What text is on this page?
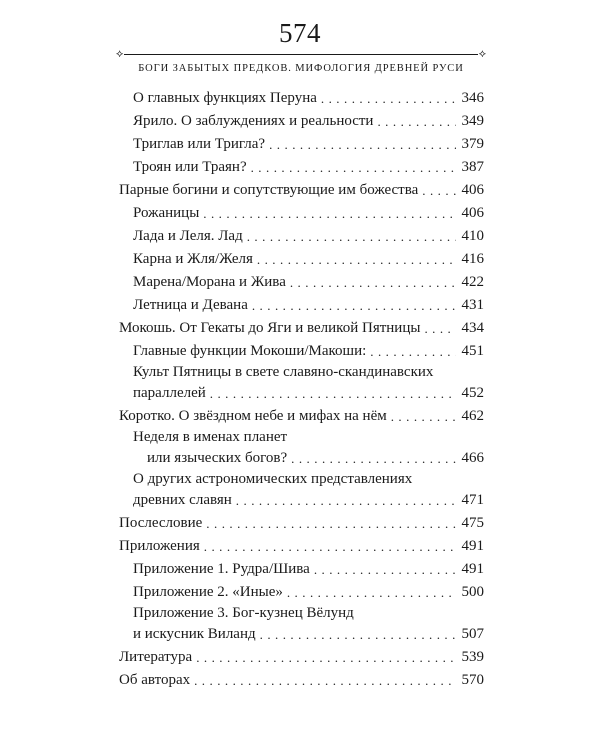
574
⟡	⟡
БОГИ ЗАБЫТЫХ ПРЕДКОВ. МИФОЛОГИЯ ДРЕВНЕЙ РУСИ
О главных функциях Перуна . . .	346
Ярило. О заблуждениях и реальности . . .	349
Триглав или Тригла? . . .	379
Троян или Траян? . . .	387
Парные богини и сопутствующие им божества . . .	406
Рожаницы . . .	406
Лада и Леля. Лад . . .	410
Карна и Жля/Желя . . .	416
Марена/Морана и Жива . . .	422
Летница и Девана . . .	431
Мокошь. От Гекаты до Яги и великой Пятницы . . .	434
Главные функции Мокоши/Макоши: . . .	451
Культ Пятницы в свете славяно-скандинавских
параллелей . . .	452
Коротко. О звёздном небе и мифах на нём . . .	462
Неделя в именах планет
или языческих богов? . . .	466
О других астрономических представлениях
древних славян . . .	471
Послесловие . . .	475
Приложения . . .	491
Приложение 1. Рудра/Шива . . .	491
Приложение 2. «Иные» . . .	500
Приложение 3. Бог-кузнец Вёлунд
и искусник Виланд . . .	507
Литература . . .	539
Об авторах . . .	570
